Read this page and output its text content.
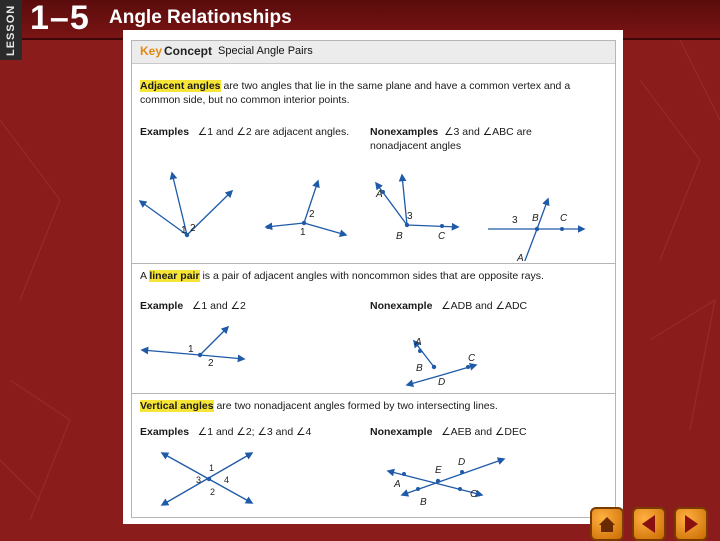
LESSON 1–5 Angle Relationships
Key Concept Special Angle Pairs
Adjacent angles are two angles that lie in the same plane and have a common vertex and a common side, but no common interior points.
Examples ∠1 and ∠2 are adjacent angles. Nonexamples ∠3 and ∠ABC are nonadjacent angles
1 2	1
2
A
3
B	C
3 B C
A
A linear pair is a pair of adjacent angles with noncommon sides that are opposite rays.
Example ∠1 and ∠2	Nonexample ∠ADB and ∠ADC
1
2
A
B
C
D
Vertical angles are two nonadjacent angles formed by two intersecting lines.
Examples ∠1 and ∠2; ∠3 and ∠4	Nonexample ∠AEB and ∠DEC
1
2
3	4
D
E
A
C
B
